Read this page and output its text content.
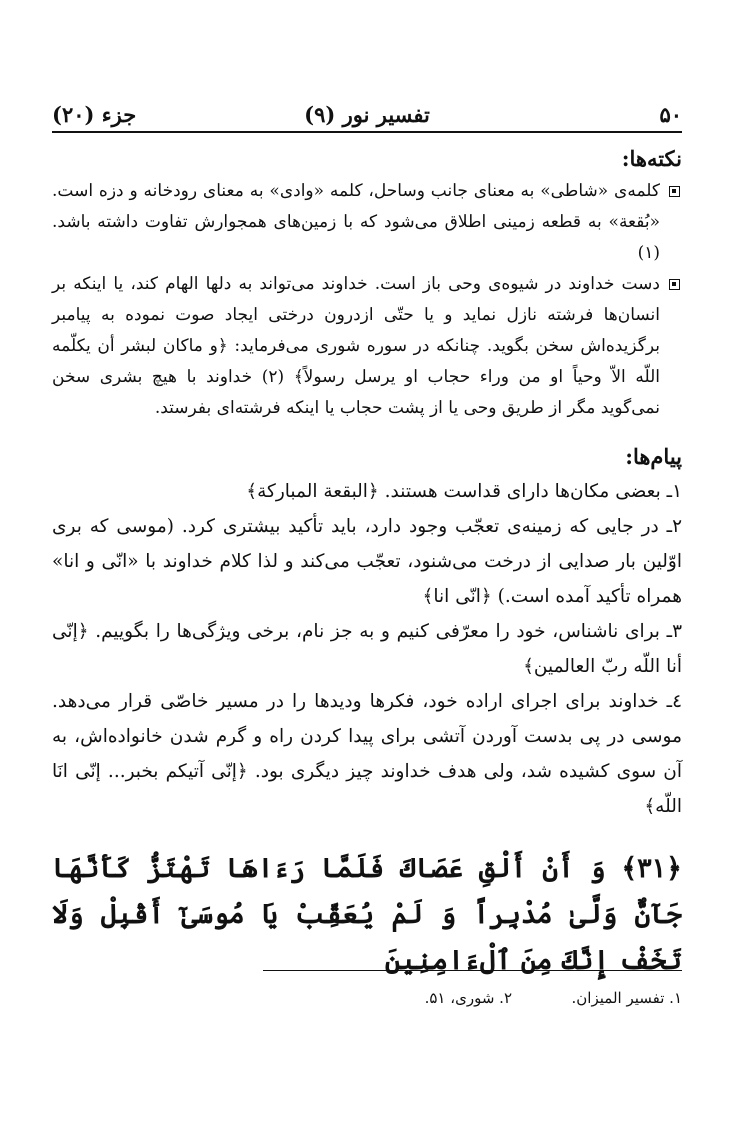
۵۰
تفسیر نور (۹)
جزء (۲۰)
نکته‌ها:

کلمه‌ی «شاطی» به معنای جانب وساحل، کلمه «وادی» به معنای رودخانه و دزه است. «بُقعة» به قطعه زمینی اطلاق می‌شود که با زمین‌های همجوارش تفاوت داشته باشد.(۱)

دست خداوند در شیوه‌ی وحی باز است. خداوند می‌تواند به دلها الهام کند، یا اینکه بر انسان‌ها فرشته نازل نماید و یا حتّی ازدرون درختی ایجاد صوت نموده به پیامبر برگزیده‌اش سخن بگوید. چنانکه در سوره شوری می‌فرماید: ﴿و ماکان لبشر أن یکلّمه اللّه الاّ وحیاً او من وراء حجاب او یرسل رسولاً﴾ (۲) خداوند با هیچ بشری سخن نمی‌گوید مگر از طریق وحی یا از پشت حجاب یا اینکه فرشته‌ای بفرستد.

پیام‌ها:

۱ـ بعضی مکان‌ها دارای قداست هستند. ﴿البقعة المبارکة﴾

۲ـ در جایی که زمینه‌ی تعجّب وجود دارد، باید تأکید بیشتری کرد. (موسی که بری اوّلین بار صدایی از درخت می‌شنود، تعجّب می‌کند و لذا کلام خداوند با «انّی و انا» همراه تأکید آمده است.) ﴿انّی انا﴾

۳ـ برای ناشناس، خود را معرّفی کنیم و به جز نام، برخی ویژگی‌ها را بگوییم. ﴿إنّی أنا اللّه ربّ العالمین﴾

٤ـ خداوند برای اجرای اراده خود، فکرها ودیدها را در مسیر خاصّی قرار می‌دهد. موسی در پی بدست آوردن آتشی برای پیدا کردن راه و گرم شدن خانواده‌اش، به آن سوی کشیده شد، ولی هدف خداوند چیز دیگری بود. ﴿إنّی آتیکم بخبر... إنّی انَا اللّه﴾

﴿۳۱﴾ وَ أَنْ أَلْقِ عَصَاكَ فَلَمَّا رَءَاهَا تَهْتَزُّ كَأَنَّهَا جَآنٌّ وَلَّىٰ مُدْبِراً وَ لَمْ يُعَقِّبْ يَا مُوسَىٰٓ أَقْبِلْ وَلَا تَخَفْ إِنَّكَ مِنَ ٱلْءَامِنِينَ

۱. تفسیر المیزان.
۲. شوری، ۵۱.
